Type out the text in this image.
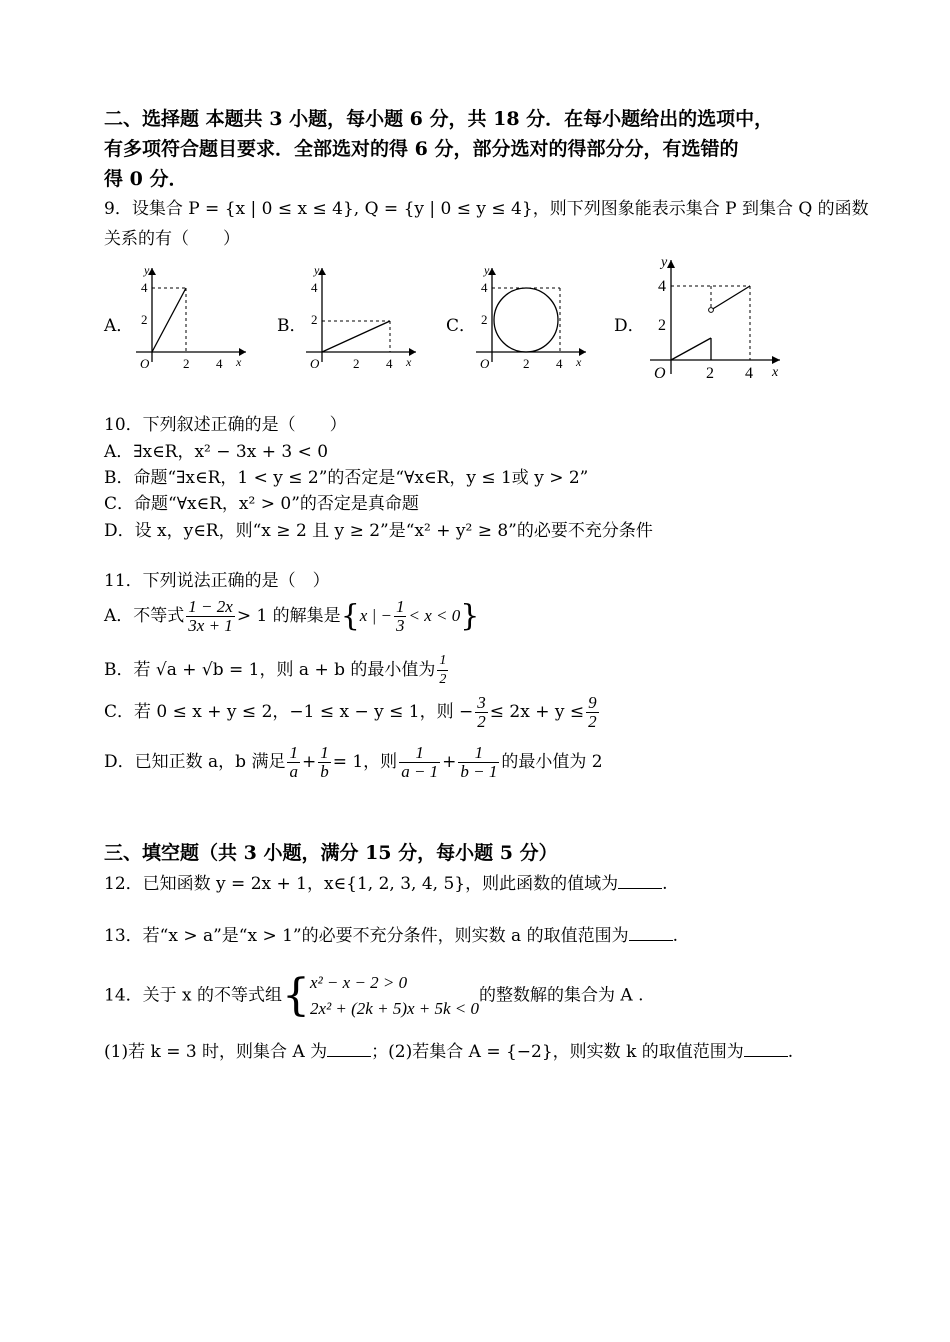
二、选择题 本题共 3 小题，每小题 6 分，共 18 分．在每小题给出的选项中，
有多项符合题目要求．全部选对的得 6 分，部分选对的得部分分，有选错的
得 0 分．
9．设集合 P = {x | 0 ≤ x ≤ 4}, Q = {y | 0 ≤ y ≤ 4}，则下列图象能表示集合 P 到集合 Q 的函数
关系的有（　　）
A．	B．	C．	D．
y
x
O	2 4
2
4
y
x
O	2 4
2
4
y
x
O	2 4
2
4
y
x
O	2 4
2
4
10．下列叙述正确的是（　　）
A．∃x∈R，x² − 3x + 3 < 0
B．命题“∃x∈R，1 < y ≤ 2”的否定是“∀x∈R，y ≤ 1或 y > 2”
C．命题“∀x∈R，x² > 0”的否定是真命题
D．设 x，y∈R，则“x ≥ 2 且 y ≥ 2”是“x² + y² ≥ 8”的必要不充分条件
11．下列说法正确的是（　）
A．不等式 $\frac{1 - 2x}{3x + 1} > 1$ 的解集是{x | − $\frac{1}{3} < x < 0$}
B．若 √a + √b = 1，则 a + b 的最小值为 $\frac{1}{2}$
C．若 0 ≤ x + y ≤ 2，−1 ≤ x − y ≤ 1，则 − $\frac{3}{2} \le 2x + y \le \frac{9}{2}$
D．已知正数 a，b 满足 $\frac{1}{a} + \frac{1}{b} = 1$，则 $\frac{1}{a - 1} + \frac{1}{b - 1}$ 的最小值为 2
三、填空题（共 3 小题，满分 15 分，每小题 5 分）
12．已知函数 y = 2x + 1，x∈{1, 2, 3, 4, 5}，则此函数的值域为	.
13．若“x > a”是“x > 1”的必要不充分条件，则实数 a 的取值范围为	.
14．关于 x 的不等式组{ x² − x − 2 > 0
2x² + (2k + 5)x + 5k < 0
的整数解的集合为 A .
(1)若 k = 3 时，则集合 A 为	；(2)若集合 A = {−2}，则实数 k 的取值范围为	.
